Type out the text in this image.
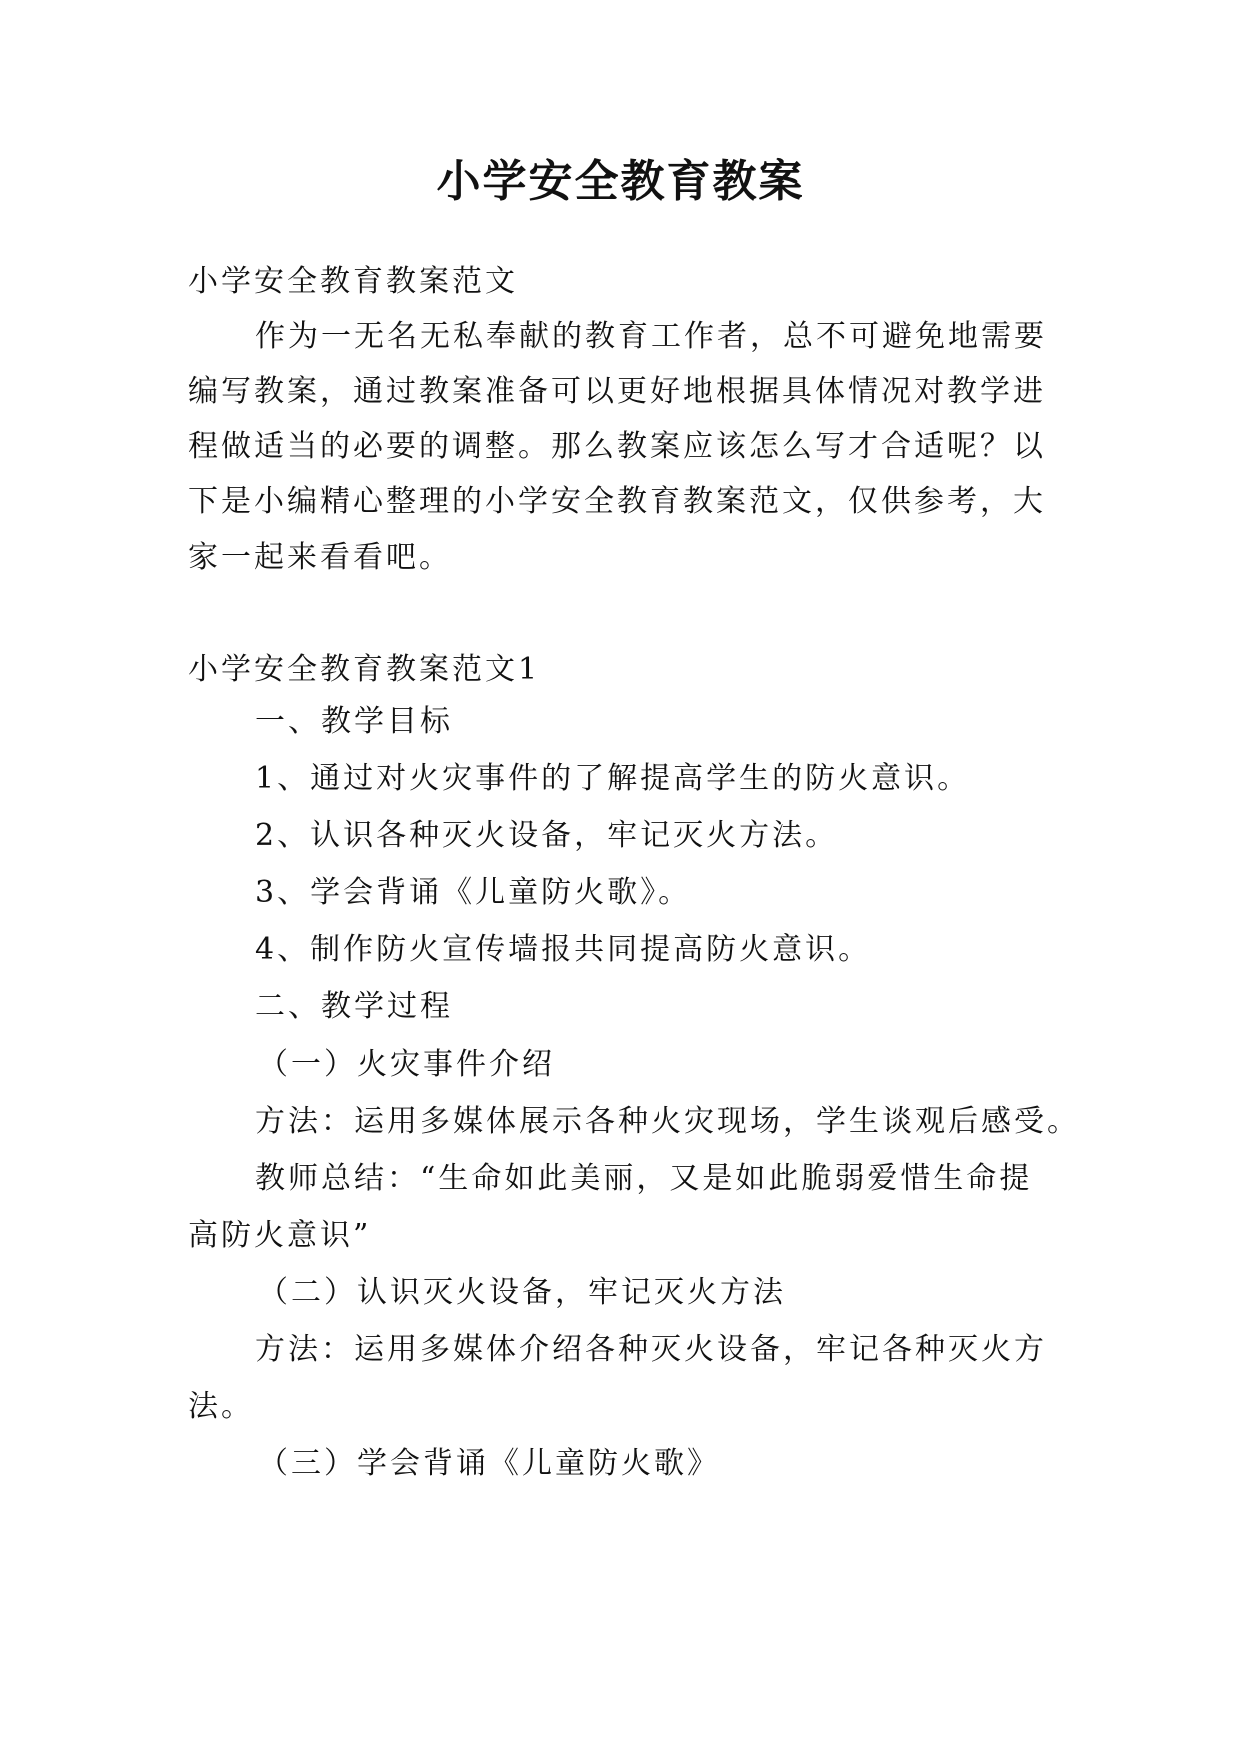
小学安全教育教案
小学安全教育教案范文
作为一无名无私奉献的教育工作者，总不可避免地需要
编写教案，通过教案准备可以更好地根据具体情况对教学进
程做适当的必要的调整。那么教案应该怎么写才合适呢？以
下是小编精心整理的小学安全教育教案范文，仅供参考，大
家一起来看看吧。
小学安全教育教案范文1
一、教学目标
1、通过对火灾事件的了解提高学生的防火意识。
2、认识各种灭火设备，牢记灭火方法。
3、学会背诵《儿童防火歌》。
4、制作防火宣传墙报共同提高防火意识。
二、教学过程
（一）火灾事件介绍
方法：运用多媒体展示各种火灾现场，学生谈观后感受。
教师总结：“生命如此美丽，又是如此脆弱爱惜生命提
高防火意识”
（二）认识灭火设备，牢记灭火方法
方法：运用多媒体介绍各种灭火设备，牢记各种灭火方
法。
（三）学会背诵《儿童防火歌》
